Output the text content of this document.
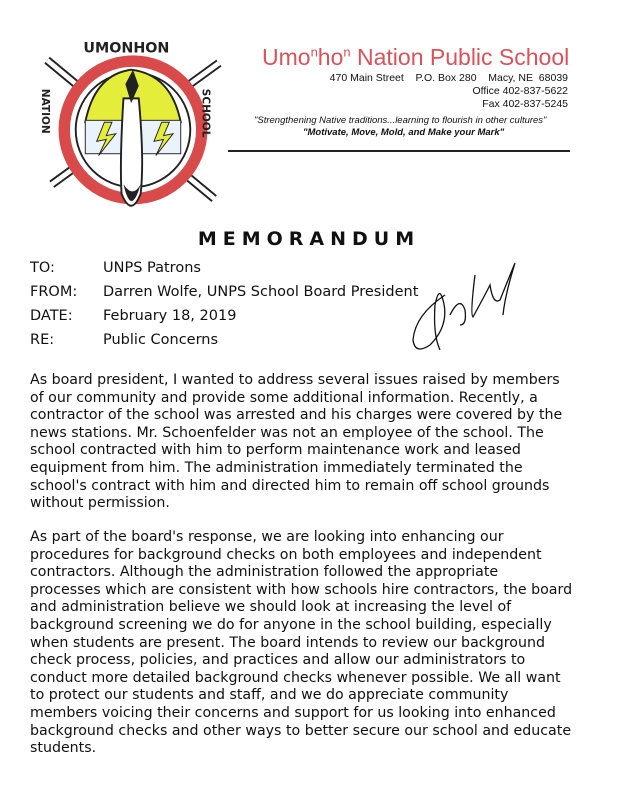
UMONHON
NATION	SCHOOL
$Umo^nho^n$ Nation Public School
470 Main Street    P.O. Box 280    Macy, NE  68039
Office 402-837-5622
Fax 402-837-5245
"Strengthening Native traditions...learning to flourish in other cultures"
"Motivate, Move, Mold, and Make your Mark"
MEMORANDUM
TO:	UNPS Patrons
FROM: Darren Wolfe, UNPS School Board President
DATE: February 18, 2019
RE:	Public Concerns
As board president, I wanted to address several issues raised by members
of our community and provide some additional information. Recently, a
contractor of the school was arrested and his charges were covered by the
news stations. Mr. Schoenfelder was not an employee of the school. The
school contracted with him to perform maintenance work and leased
equipment from him. The administration immediately terminated the
school's contract with him and directed him to remain off school grounds
without permission.
As part of the board's response, we are looking into enhancing our
procedures for background checks on both employees and independent
contractors. Although the administration followed the appropriate
processes which are consistent with how schools hire contractors, the board
and administration believe we should look at increasing the level of
background screening we do for anyone in the school building, especially
when students are present. The board intends to review our background
check process, policies, and practices and allow our administrators to
conduct more detailed background checks whenever possible. We all want
to protect our students and staff, and we do appreciate community
members voicing their concerns and support for us looking into enhanced
background checks and other ways to better secure our school and educate
students.
